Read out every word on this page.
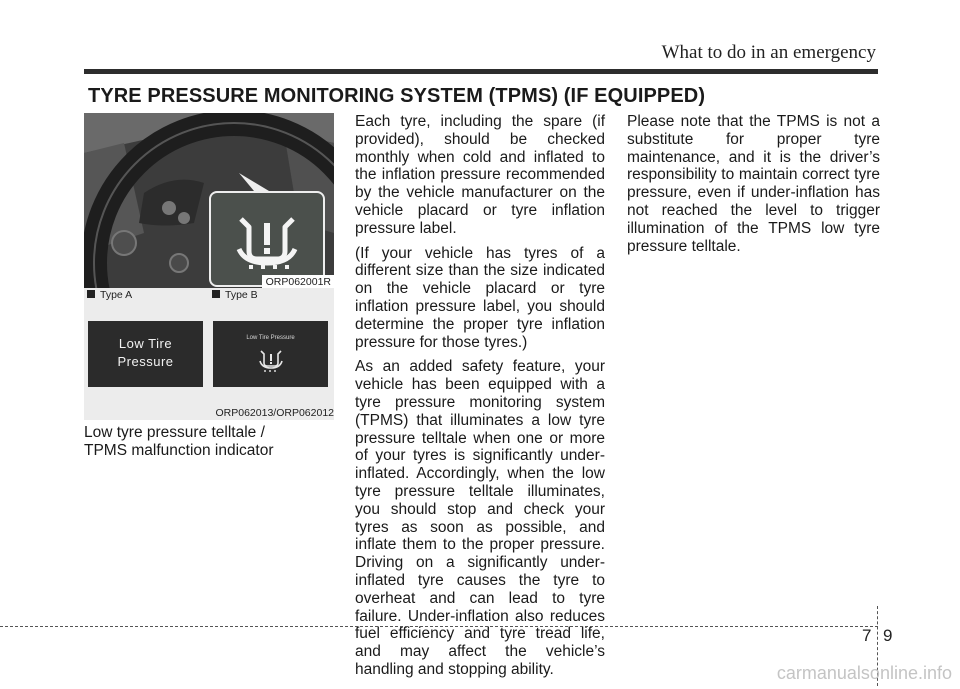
What to do in an emergency
TYRE PRESSURE MONITORING SYSTEM (TPMS) (IF EQUIPPED)
ORP062001R
Type A	Type B
Low Tire
Pressure
Low Tire Pressure
ORP062013/ORP062012
Low tyre pressure telltale /
TPMS malfunction indicator

Each tyre, including the spare (if provided), should be checked monthly when cold and inflated to the inflation pressure recommended by the vehicle manufacturer on the vehicle placard or tyre inflation pressure label.

(If your vehicle has tyres of a different size than the size indicated on the vehicle placard or tyre inflation pressure label, you should determine the proper tyre inflation pressure for those tyres.)

As an added safety feature, your vehicle has been equipped with a tyre pressure monitoring system (TPMS) that illuminates a low tyre pressure telltale when one or more of your tyres is significantly under-inflated. Accordingly, when the low tyre pressure telltale illuminates, you should stop and check your tyres as soon as possible, and inflate them to the proper pressure. Driving on a significantly under-inflated tyre causes the tyre to overheat and can lead to tyre failure. Under-inflation also reduces fuel efficiency and tyre tread life, and may affect the vehicle’s handling and stopping ability.

Please note that the TPMS is not a substitute for proper tyre maintenance, and it is the driver’s responsibility to maintain correct tyre pressure, even if under-inflation has not reached the level to trigger illumination of the TPMS low tyre pressure telltale.

7 9
carmanualsonline.info
